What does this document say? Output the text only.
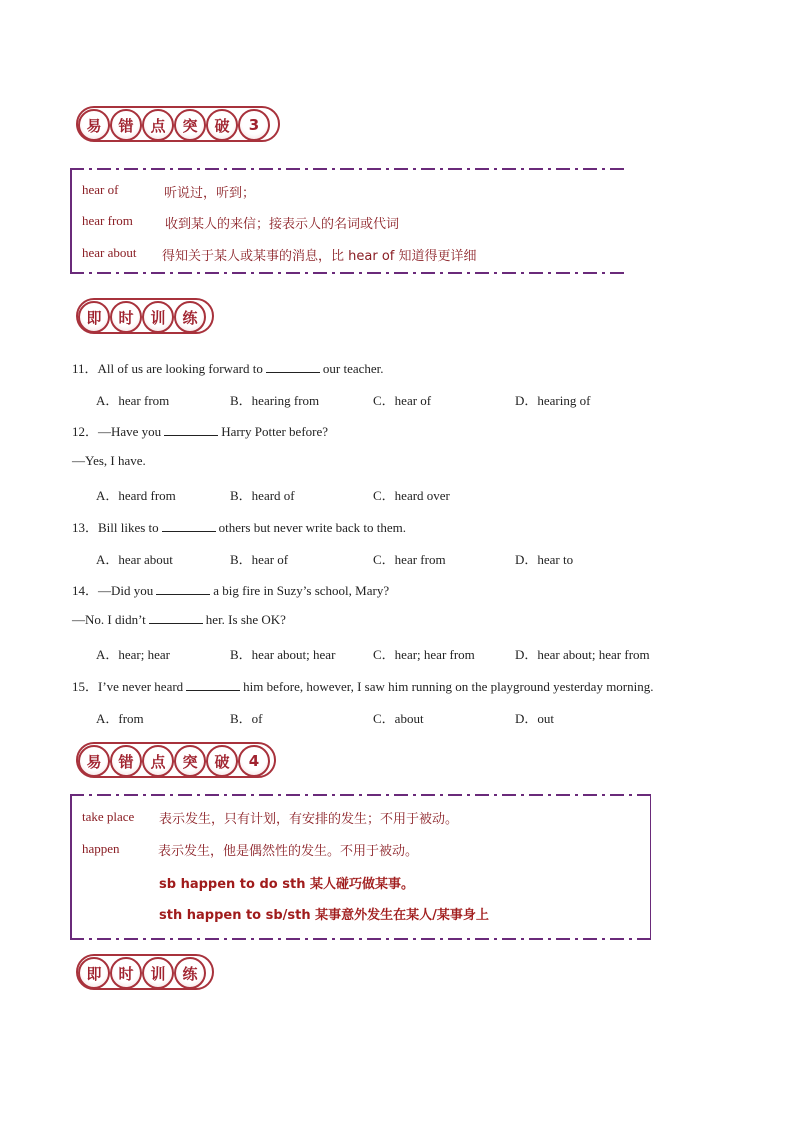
易	错	点	突	破	3
hear of	听说过，听到；
hear from 收到某人的来信；接表示人的名词或代词
hear about 得知关于某人或某事的消息，比 hear of 知道得更详细
即	时	训	练
11．All of us are looking forward to	our teacher.
A．hear from	B．hearing from	C．hear of	D．hearing of
12．—Have you	Harry Potter before?
—Yes, I have.
A．heard from	B．heard of	C．heard over
13．Bill likes to	others but never write back to them.
A．hear about	B．hear of	C．hear from	D．hear to
14．—Did you	a big fire in Suzy’s school, Mary?
—No. I didn’t	her. Is she OK?
A．hear; hear	B．hear about; hear	C．hear; hear from	D．hear about; hear from
15．I’ve never heard	him before, however, I saw him running on the playground yesterday morning.
A．from	B．of	C．about	D．out
易	错	点	突	破	4
take place 表示发生，只有计划，有安排的发生；不用于被动。
happen	表示发生，他是偶然性的发生。不用于被动。
sb happen to do sth 某人碰巧做某事。
sth happen to sb/sth 某事意外发生在某人/某事身上
即	时	训	练
